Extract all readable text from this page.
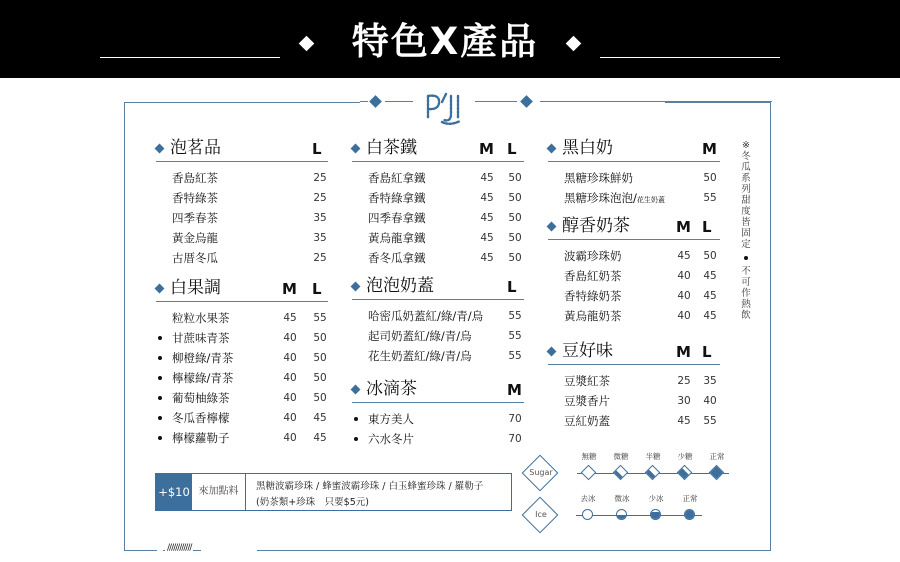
特色X產品
////////////
泡茗品	L
香島紅茶	25
香特綠茶	25
四季春茶	35
黃金烏龍	35
古厝冬瓜	25
白果調	M L
粒粒水果茶	45	55
甘蔗味青茶	40	50
柳橙綠/青茶	40	50
檸檬綠/青茶	40	50
葡萄柚綠茶	40	50
冬瓜香檸檬	40	45
檸檬蘿勒子	40	45
白茶鐵	M L
香島紅拿鐵	45	50
香特綠拿鐵	45	50
四季春拿鐵	45	50
黃烏龍拿鐵	45	50
香冬瓜拿鐵	45	50
泡泡奶蓋	L
哈密瓜奶蓋紅/綠/青/烏	55
起司奶蓋紅/綠/青/烏	55
花生奶蓋紅/綠/青/烏	55
冰滴茶	M
東方美人	70
六水冬片	70
黑白奶	M
黑糖珍珠鮮奶	50
黑糖珍珠泡泡/花生奶蓋	55
醇香奶茶	M L
波霸珍珠奶	45	50
香島紅奶茶	40	45
香特綠奶茶	40	45
黃烏龍奶茶	40	45
豆好味	M L
豆漿紅茶	25	35
豆漿香片	30	40
豆紅奶蓋	45	55
※冬瓜系列甜度皆固定
不可作熱飲
+$10 來加點料	黑糖波霸珍珠 / 蜂蜜波霸珍珠 / 白玉蜂蜜珍珠 / 羅勒子
(奶茶類+珍珠　只要$5元)
Sugar
無糖	微糖	半糖	少糖	正常
Ice
去冰	微冰	少冰	正常
